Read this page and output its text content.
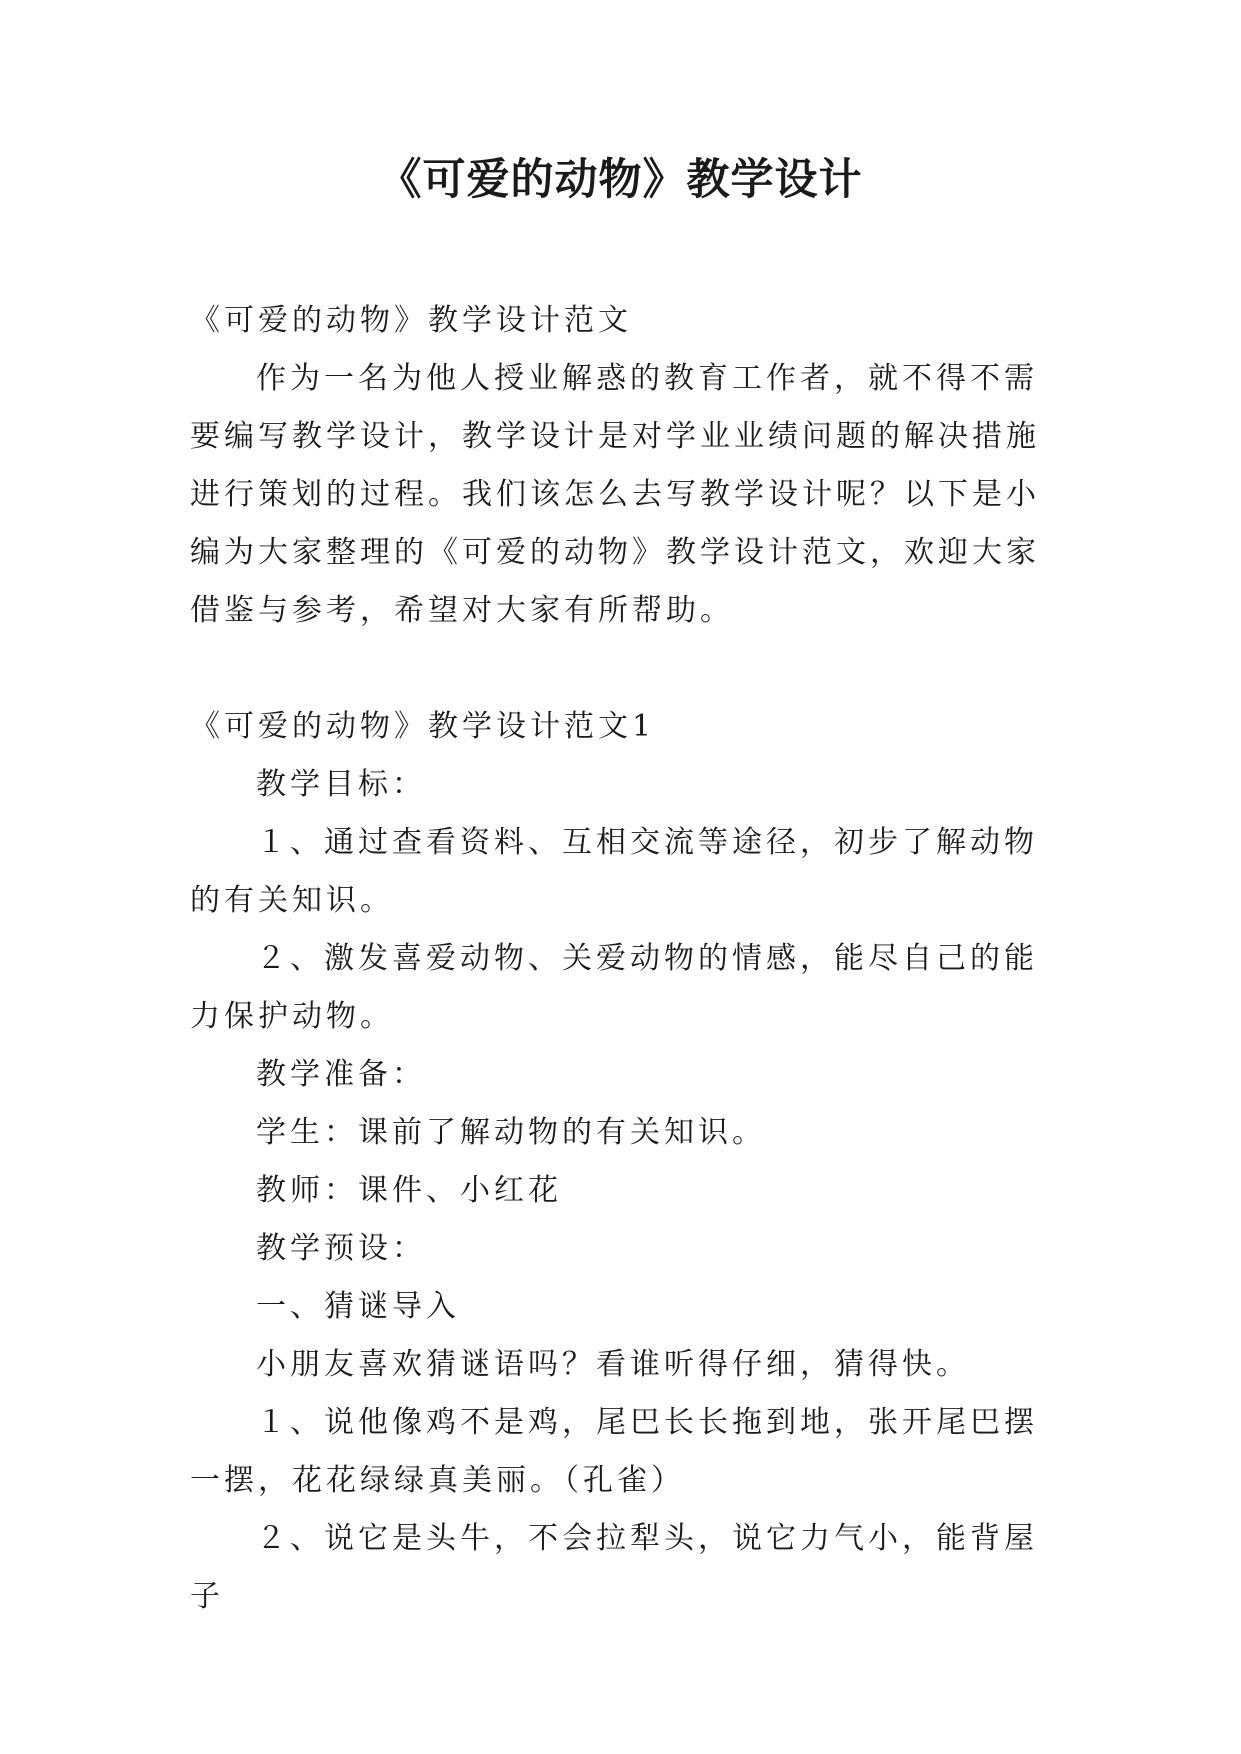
《可爱的动物》教学设计

《可爱的动物》教学设计范文

作为一名为他人授业解惑的教育工作者，就不得不需要编写教学设计，教学设计是对学业业绩问题的解决措施进行策划的过程。我们该怎么去写教学设计呢？以下是小编为大家整理的《可爱的动物》教学设计范文，欢迎大家借鉴与参考，希望对大家有所帮助。

《可爱的动物》教学设计范文1

教学目标：

１、通过查看资料、互相交流等途径，初步了解动物的有关知识。

２、激发喜爱动物、关爱动物的情感，能尽自己的能力保护动物。

教学准备：

学生：课前了解动物的有关知识。

教师：课件、小红花

教学预设：

一、猜谜导入

小朋友喜欢猜谜语吗？看谁听得仔细，猜得快。

１、说他像鸡不是鸡，尾巴长长拖到地，张开尾巴摆一摆，花花绿绿真美丽。（孔雀）

２、说它是头牛，不会拉犁头，说它力气小，能背屋子
